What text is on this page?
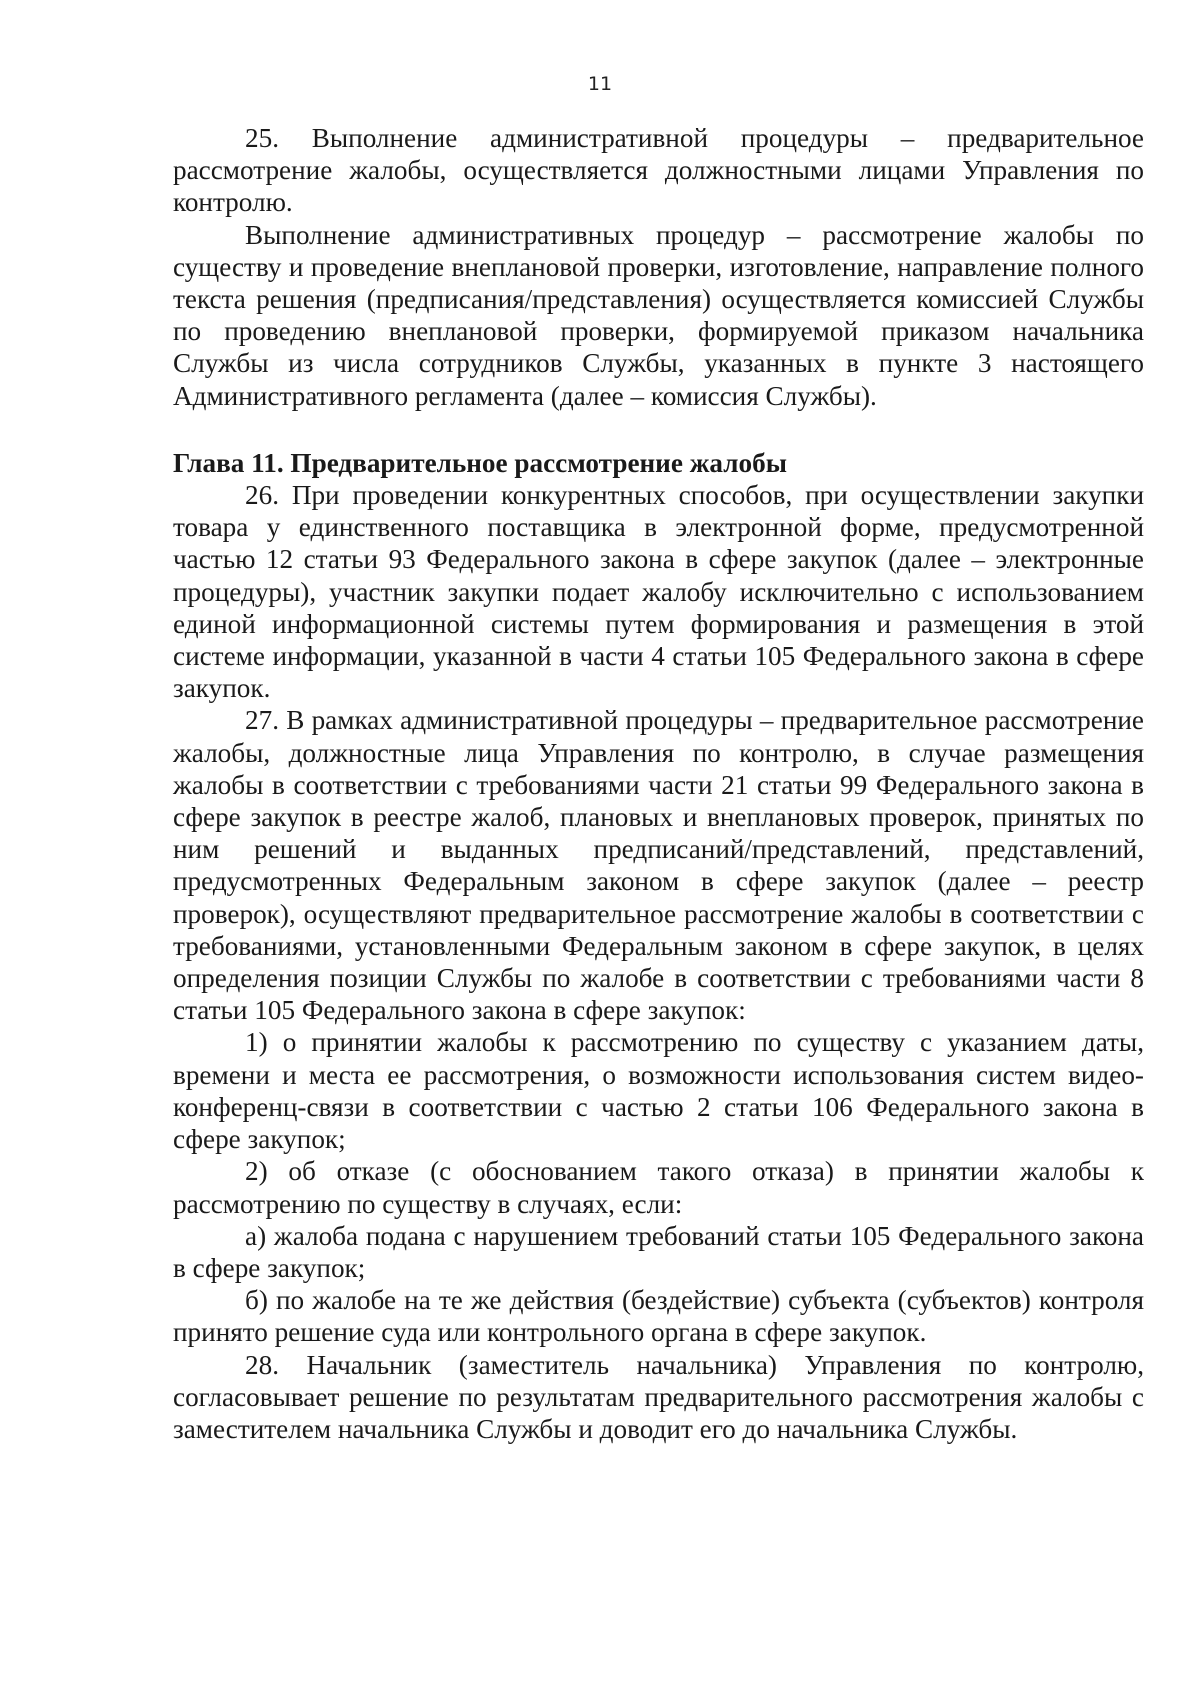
11

25. Выполнение административной процедуры – предварительное рассмотрение жалобы, осуществляется должностными лицами Управления по контролю.

Выполнение административных процедур – рассмотрение жалобы по существу и проведение внеплановой проверки, изготовление, направление полного текста решения (предписания/представления) осуществляется комиссией Службы по проведению внеплановой проверки, формируемой приказом начальника Службы из числа сотрудников Службы, указанных в пункте 3 настоящего Административного регламента (далее – комиссия Службы).

Глава 11. Предварительное рассмотрение жалобы

26. При проведении конкурентных способов, при осуществлении закупки товара у единственного поставщика в электронной форме, предусмотренной частью 12 статьи 93 Федерального закона в сфере закупок (далее – электронные процедуры), участник закупки подает жалобу исключительно с использованием единой информационной системы путем формирования и размещения в этой системе информации, указанной в части 4 статьи 105 Федерального закона в сфере закупок.

27. В рамках административной процедуры – предварительное рассмотрение жалобы, должностные лица Управления по контролю, в случае размещения жалобы в соответствии с требованиями части 21 статьи 99 Федерального закона в сфере закупок в реестре жалоб, плановых и внеплановых проверок, принятых по ним решений и выданных предписаний/представлений, представлений, предусмотренных Федеральным законом в сфере закупок (далее – реестр проверок), осуществляют предварительное рассмотрение жалобы в соответствии с требованиями, установленными Федеральным законом в сфере закупок, в целях определения позиции Службы по жалобе в соответствии с требованиями части 8 статьи 105 Федерального закона в сфере закупок:

1) о принятии жалобы к рассмотрению по существу с указанием даты, времени и места ее рассмотрения, о возможности использования систем видео-конференц-связи в соответствии с частью 2 статьи 106 Федерального закона в сфере закупок;

2) об отказе (с обоснованием такого отказа) в принятии жалобы к рассмотрению по существу в случаях, если:

а) жалоба подана с нарушением требований статьи 105 Федерального закона в сфере закупок;

б) по жалобе на те же действия (бездействие) субъекта (субъектов) контроля принято решение суда или контрольного органа в сфере закупок.

28. Начальник (заместитель начальника) Управления по контролю, согласовывает решение по результатам предварительного рассмотрения жалобы с заместителем начальника Службы и доводит его до начальника Службы.
